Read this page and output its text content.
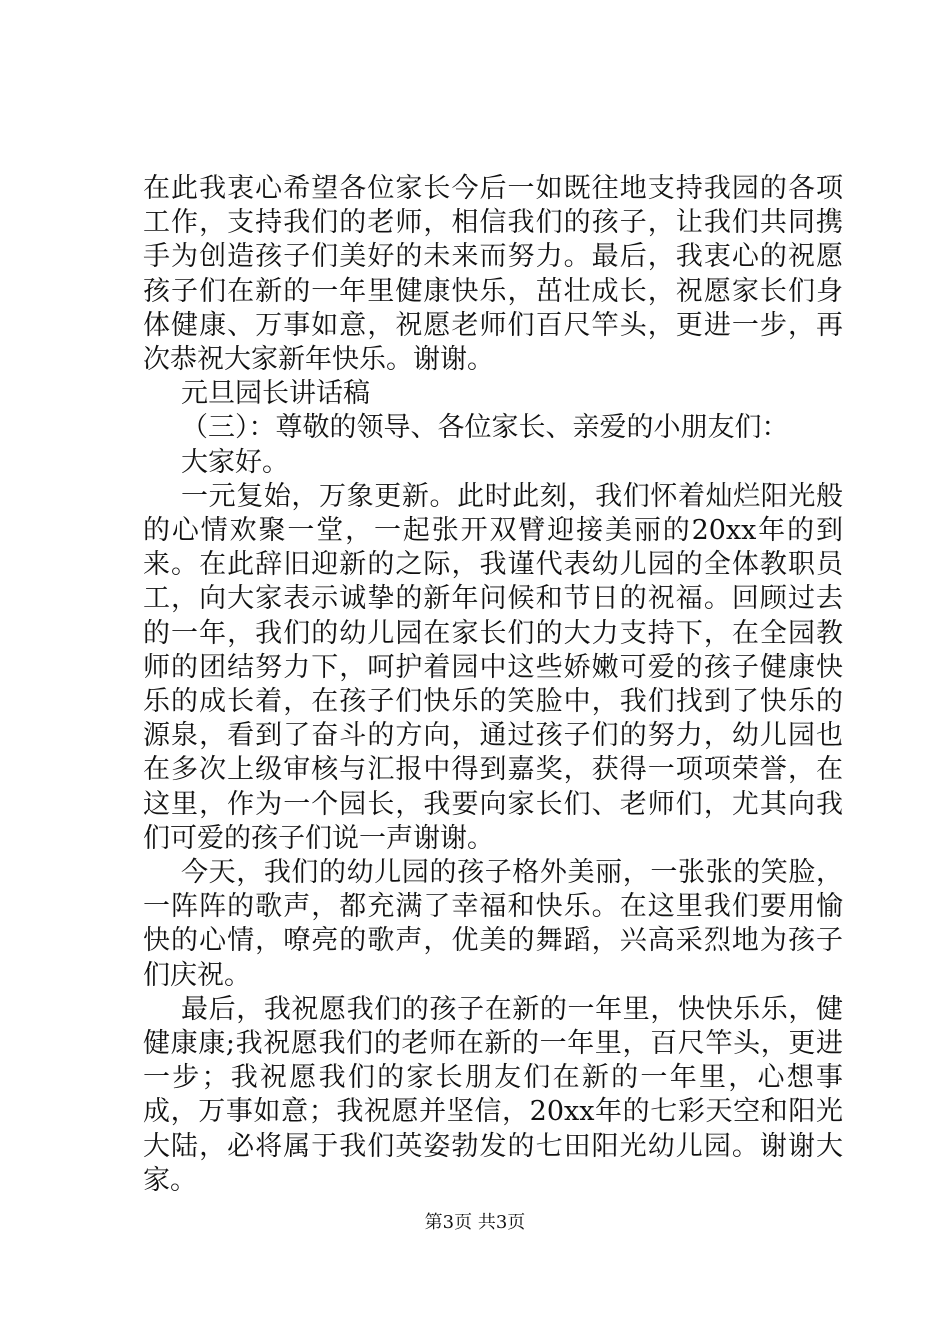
在此我衷心希望各位家长今后一如既往地支持我园的各项工作，支持我们的老师，相信我们的孩子，让我们共同携手为创造孩子们美好的未来而努力。最后，我衷心的祝愿孩子们在新的一年里健康快乐，茁壮成长，祝愿家长们身体健康、万事如意，祝愿老师们百尺竿头，更进一步，再次恭祝大家新年快乐。谢谢。

元旦园长讲话稿

（三）：尊敬的领导、各位家长、亲爱的小朋友们：

大家好。

一元复始，万象更新。此时此刻，我们怀着灿烂阳光般的心情欢聚一堂，一起张开双臂迎接美丽的20xx年的到来。在此辞旧迎新的之际，我谨代表幼儿园的全体教职员工，向大家表示诚挚的新年问候和节日的祝福。回顾过去的一年，我们的幼儿园在家长们的大力支持下，在全园教师的团结努力下，呵护着园中这些娇嫩可爱的孩子健康快乐的成长着，在孩子们快乐的笑脸中，我们找到了快乐的源泉，看到了奋斗的方向，通过孩子们的努力，幼儿园也在多次上级审核与汇报中得到嘉奖，获得一项项荣誉，在这里，作为一个园长，我要向家长们、老师们，尤其向我们可爱的孩子们说一声谢谢。

今天，我们的幼儿园的孩子格外美丽，一张张的笑脸，一阵阵的歌声，都充满了幸福和快乐。在这里我们要用愉快的心情，嘹亮的歌声，优美的舞蹈，兴高采烈地为孩子们庆祝。

最后，我祝愿我们的孩子在新的一年里，快快乐乐，健健康康;我祝愿我们的老师在新的一年里，百尺竿头，更进一步；我祝愿我们的家长朋友们在新的一年里，心想事成，万事如意；我祝愿并坚信，20xx年的七彩天空和阳光大陆，必将属于我们英姿勃发的七田阳光幼儿园。谢谢大家。

第3页 共3页
